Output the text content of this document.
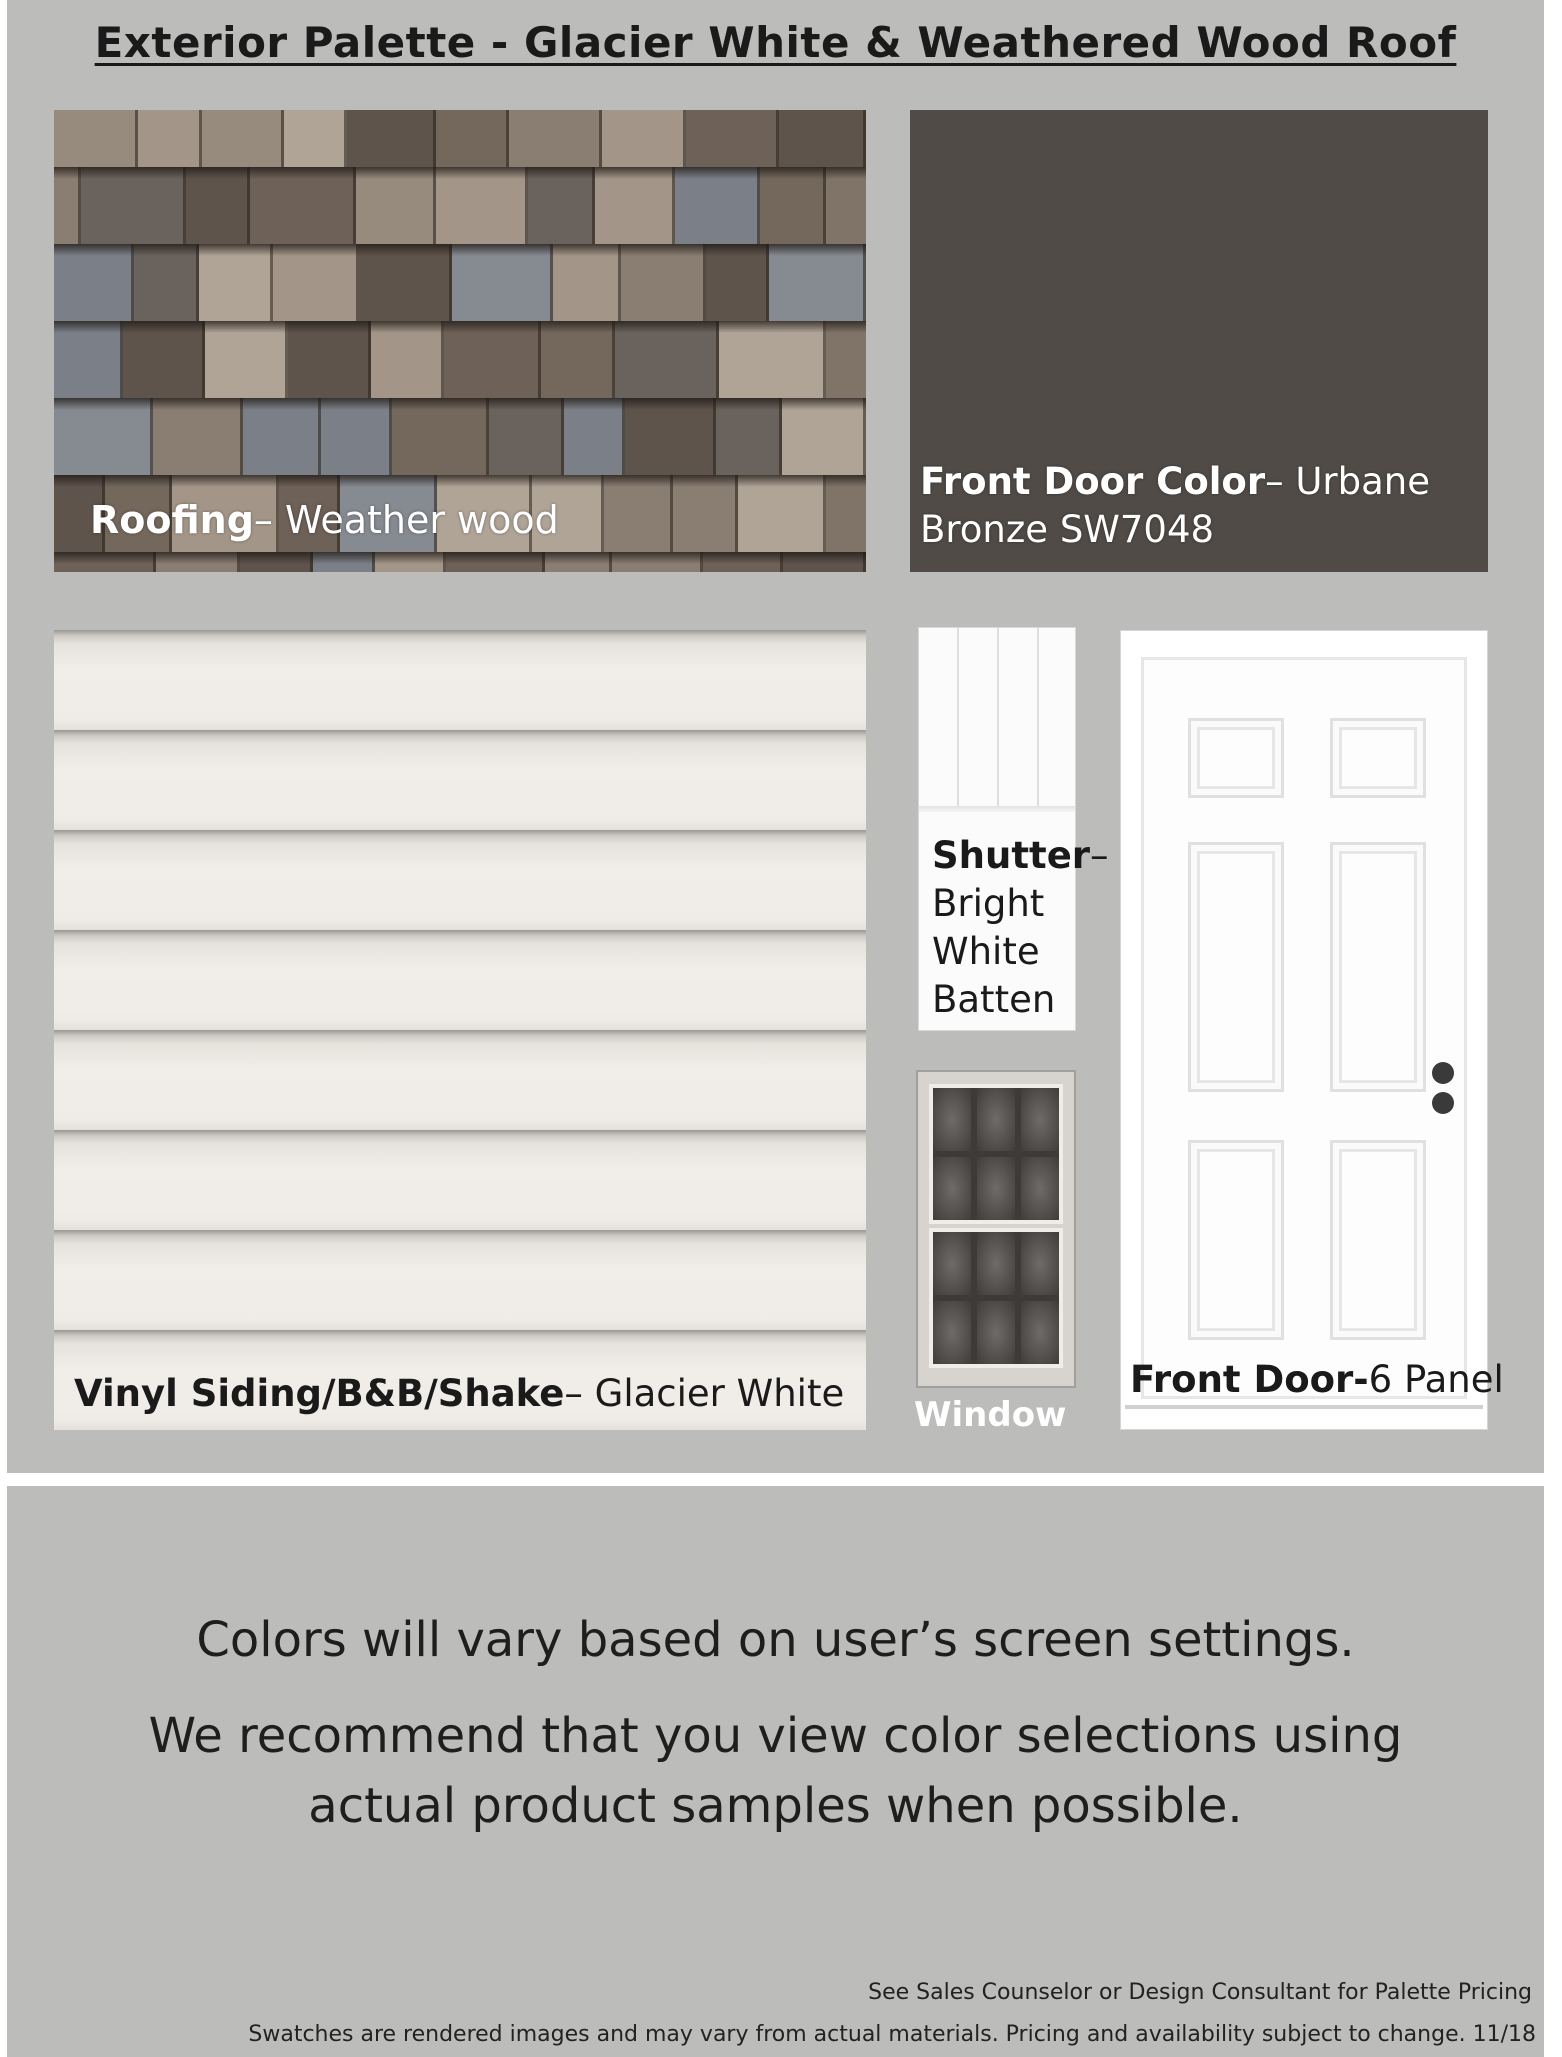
Exterior Palette - Glacier White & Weathered Wood Roof
Roofing– Weather wood
Front Door Color– Urbane
Bronze SW7048
Vinyl Siding/B&B/Shake– Glacier White
Shutter–
Bright
White
Batten
Window
Front Door-6 Panel
Colors will vary based on user’s screen settings.
We recommend that you view color selections using
actual product samples when possible.
See Sales Counselor or Design Consultant for Palette Pricing
Swatches are rendered images and may vary from actual materials. Pricing and availability subject to change. 11/18
